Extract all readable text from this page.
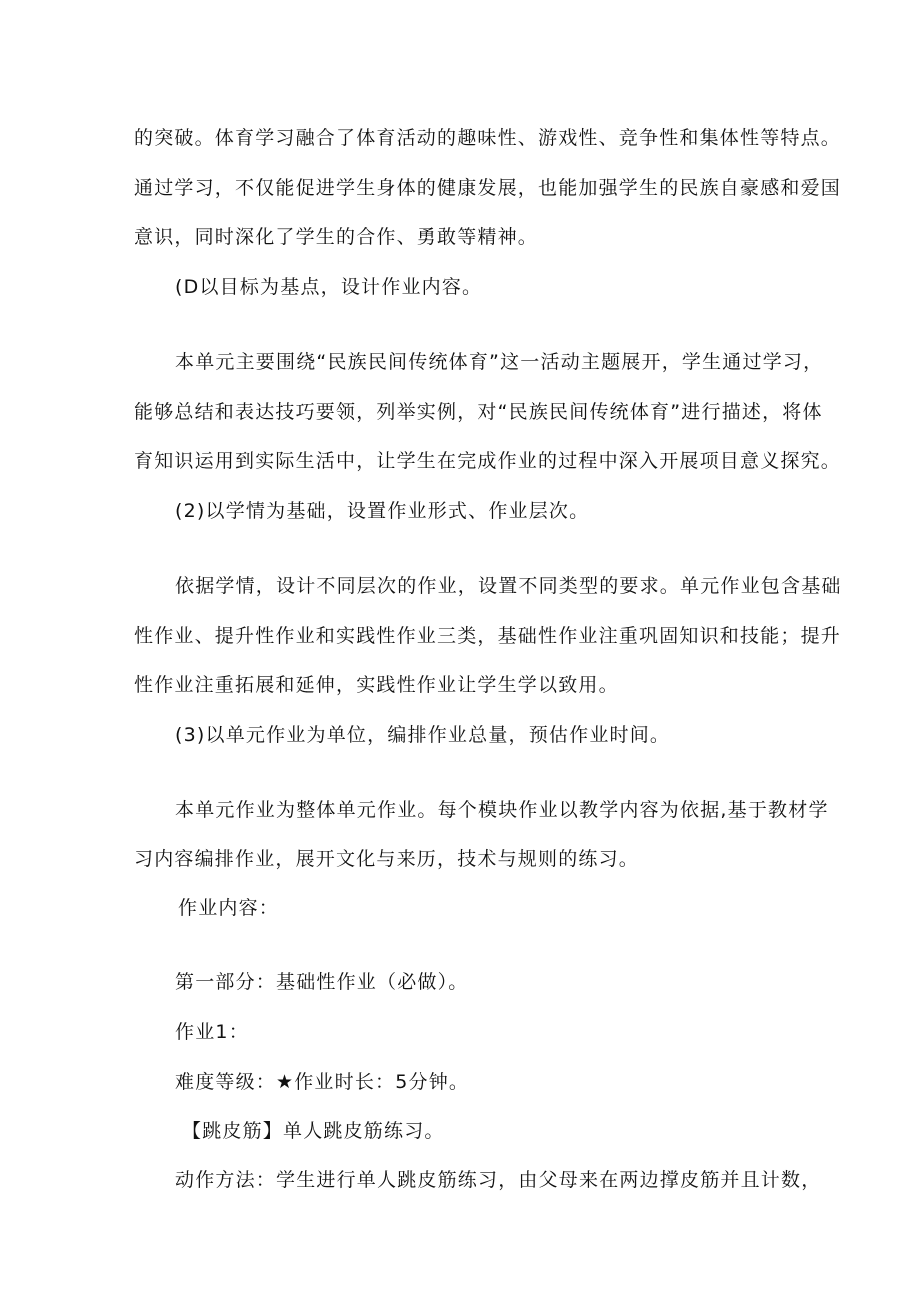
的突破。体育学习融合了体育活动的趣味性、游戏性、竞争性和集体性等特点。
通过学习，不仅能促进学生身体的健康发展，也能加强学生的民族自豪感和爱国
意识，同时深化了学生的合作、勇敢等精神。
(D以目标为基点，设计作业内容。
本单元主要围绕“民族民间传统体育”这一活动主题展开，学生通过学习，
能够总结和表达技巧要领，列举实例，对“民族民间传统体育”进行描述，将体
育知识运用到实际生活中，让学生在完成作业的过程中深入开展项目意义探究。
(2)以学情为基础，设置作业形式、作业层次。
依据学情，设计不同层次的作业，设置不同类型的要求。单元作业包含基础
性作业、提升性作业和实践性作业三类，基础性作业注重巩固知识和技能；提升
性作业注重拓展和延伸，实践性作业让学生学以致用。
(3)以单元作业为单位，编排作业总量，预估作业时间。
本单元作业为整体单元作业。每个模块作业以教学内容为依据,基于教材学
习内容编排作业，展开文化与来历，技术与规则的练习。
作业内容：
第一部分：基础性作业（必做）。
作业1：
难度等级：★作业时长：5分钟。
【跳皮筋】单人跳皮筋练习。
动作方法：学生进行单人跳皮筋练习，由父母来在两边撑皮筋并且计数，
